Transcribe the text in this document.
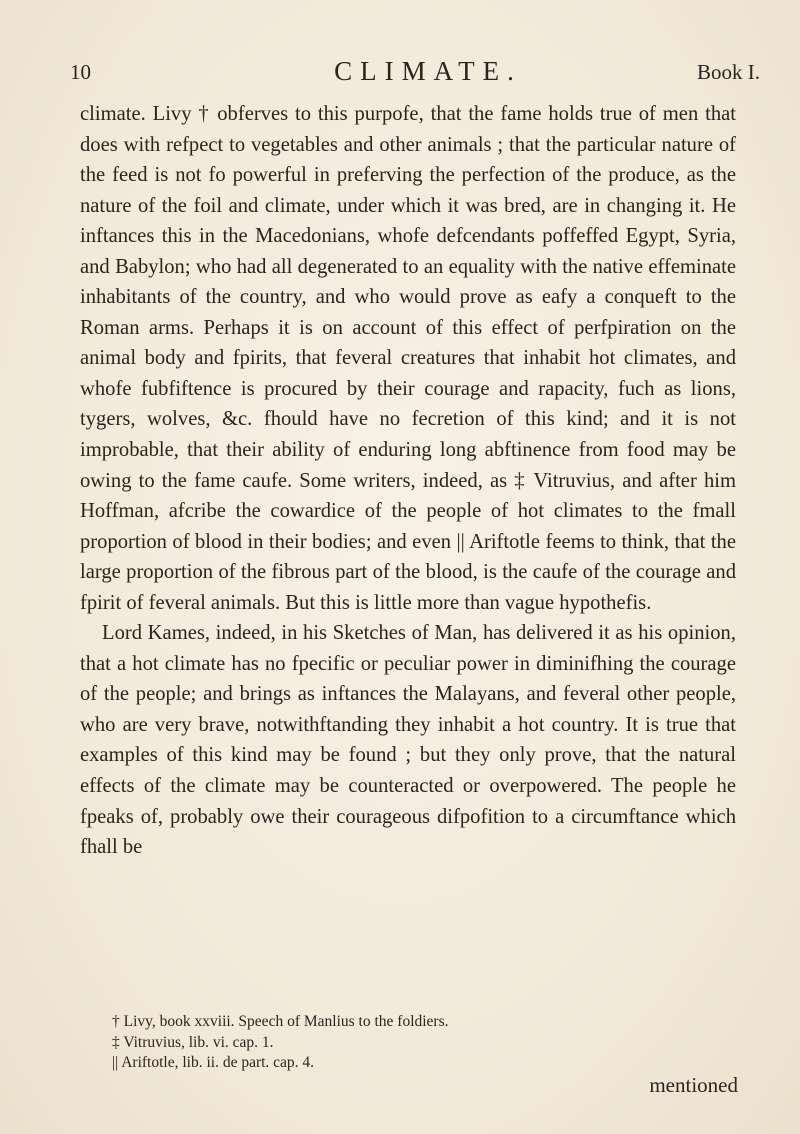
10	CLIMATE.	Book I.

climate. Livy † obferves to this purpofe, that the fame holds true of men that does with refpect to vegetables and other animals ; that the particular nature of the feed is not fo powerful in preferving the perfection of the produce, as the nature of the foil and climate, under which it was bred, are in changing it. He inftances this in the Macedonians, whofe defcendants poffeffed Egypt, Syria, and Babylon; who had all degenerated to an equality with the native effeminate inhabitants of the country, and who would prove as eafy a conqueft to the Roman arms. Perhaps it is on account of this effect of perfpiration on the animal body and fpirits, that feveral creatures that inhabit hot climates, and whofe fubfiftence is procured by their courage and rapacity, fuch as lions, tygers, wolves, &c. fhould have no fecretion of this kind; and it is not improbable, that their ability of enduring long abftinence from food may be owing to the fame caufe. Some writers, indeed, as ‡ Vitruvius, and after him Hoffman, afcribe the cowardice of the people of hot climates to the fmall proportion of blood in their bodies; and even || Ariftotle feems to think, that the large proportion of the fibrous part of the blood, is the caufe of the courage and fpirit of feveral animals. But this is little more than vague hypothefis.

Lord Kames, indeed, in his Sketches of Man, has delivered it as his opinion, that a hot climate has no fpecific or peculiar power in diminifhing the courage of the people; and brings as inftances the Malayans, and feveral other people, who are very brave, notwithftanding they inhabit a hot country. It is true that examples of this kind may be found ; but they only prove, that the natural effects of the climate may be counteracted or overpowered. The people he fpeaks of, probably owe their courageous difpofition to a circumftance which fhall be

† Livy, book xxviii. Speech of Manlius to the foldiers.

‡ Vitruvius, lib. vi. cap. 1.

|| Ariftotle, lib. ii. de part. cap. 4.

mentioned
